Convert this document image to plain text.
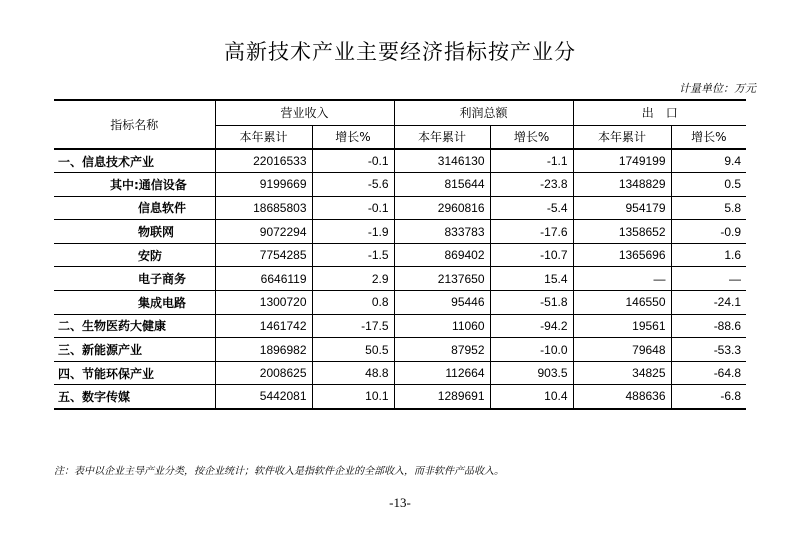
高新技术产业主要经济指标按产业分
计量单位：万元
指标名称	营业收入		利润总额		出　口	
	本年累计	增长%	本年累计	增长%	本年累计	增长%
一、信息技术产业	22016533	-0.1	3146130	-1.1	1749199	9.4
其中:通信设备	9199669	-5.6	815644	-23.8	1348829	0.5
信息软件	18685803	-0.1	2960816	-5.4	954179	5.8
物联网	9072294	-1.9	833783	-17.6	1358652	-0.9
安防	7754285	-1.5	869402	-10.7	1365696	1.6
电子商务	6646119	2.9	2137650	15.4	—	—
集成电路	1300720	0.8	95446	-51.8	146550	-24.1
二、生物医药大健康	1461742	-17.5	11060	-94.2	19561	-88.6
三、新能源产业	1896982	50.5	87952	-10.0	79648	-53.3
四、节能环保产业	2008625	48.8	112664	903.5	34825	-64.8
五、数字传媒	5442081	10.1	1289691	10.4	488636	-6.8
注：表中以企业主导产业分类，按企业统计；软件收入是指软件企业的全部收入，而非软件产品收入。
-13-
